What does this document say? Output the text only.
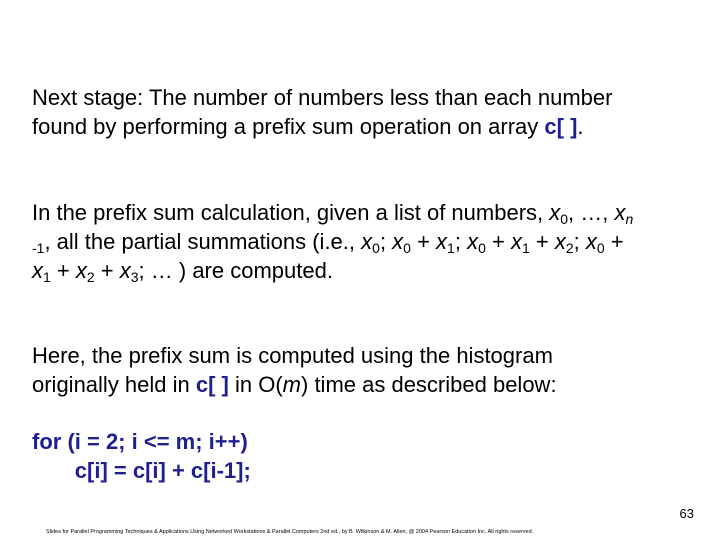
Next stage: The number of numbers less than each number
found by performing a prefix sum operation on array c[ ].

In the prefix sum calculation, given a list of numbers, $x_0$, …, $x_n$
$_{-1}$, all the partial summations (i.e., $x_0$; $x_0 + x_1$; $x_0 + x_1 + x_2$; $x_0$ +
$x_1 + x_2 + x_3$; … ) are computed.

Here, the prefix sum is computed using the histogram
originally held in c[ ] in O(m) time as described below:

for (i = 2; i <= m; i++)
c[i] = c[i] + c[i-1];
63
Slides for Parallel Programming Techniques & Applications Using Networked Workstations & Parallel Computers 2nd ed., by B. Wilkinson & M. Allen, @ 2004 Pearson Education Inc. All rights reserved.
